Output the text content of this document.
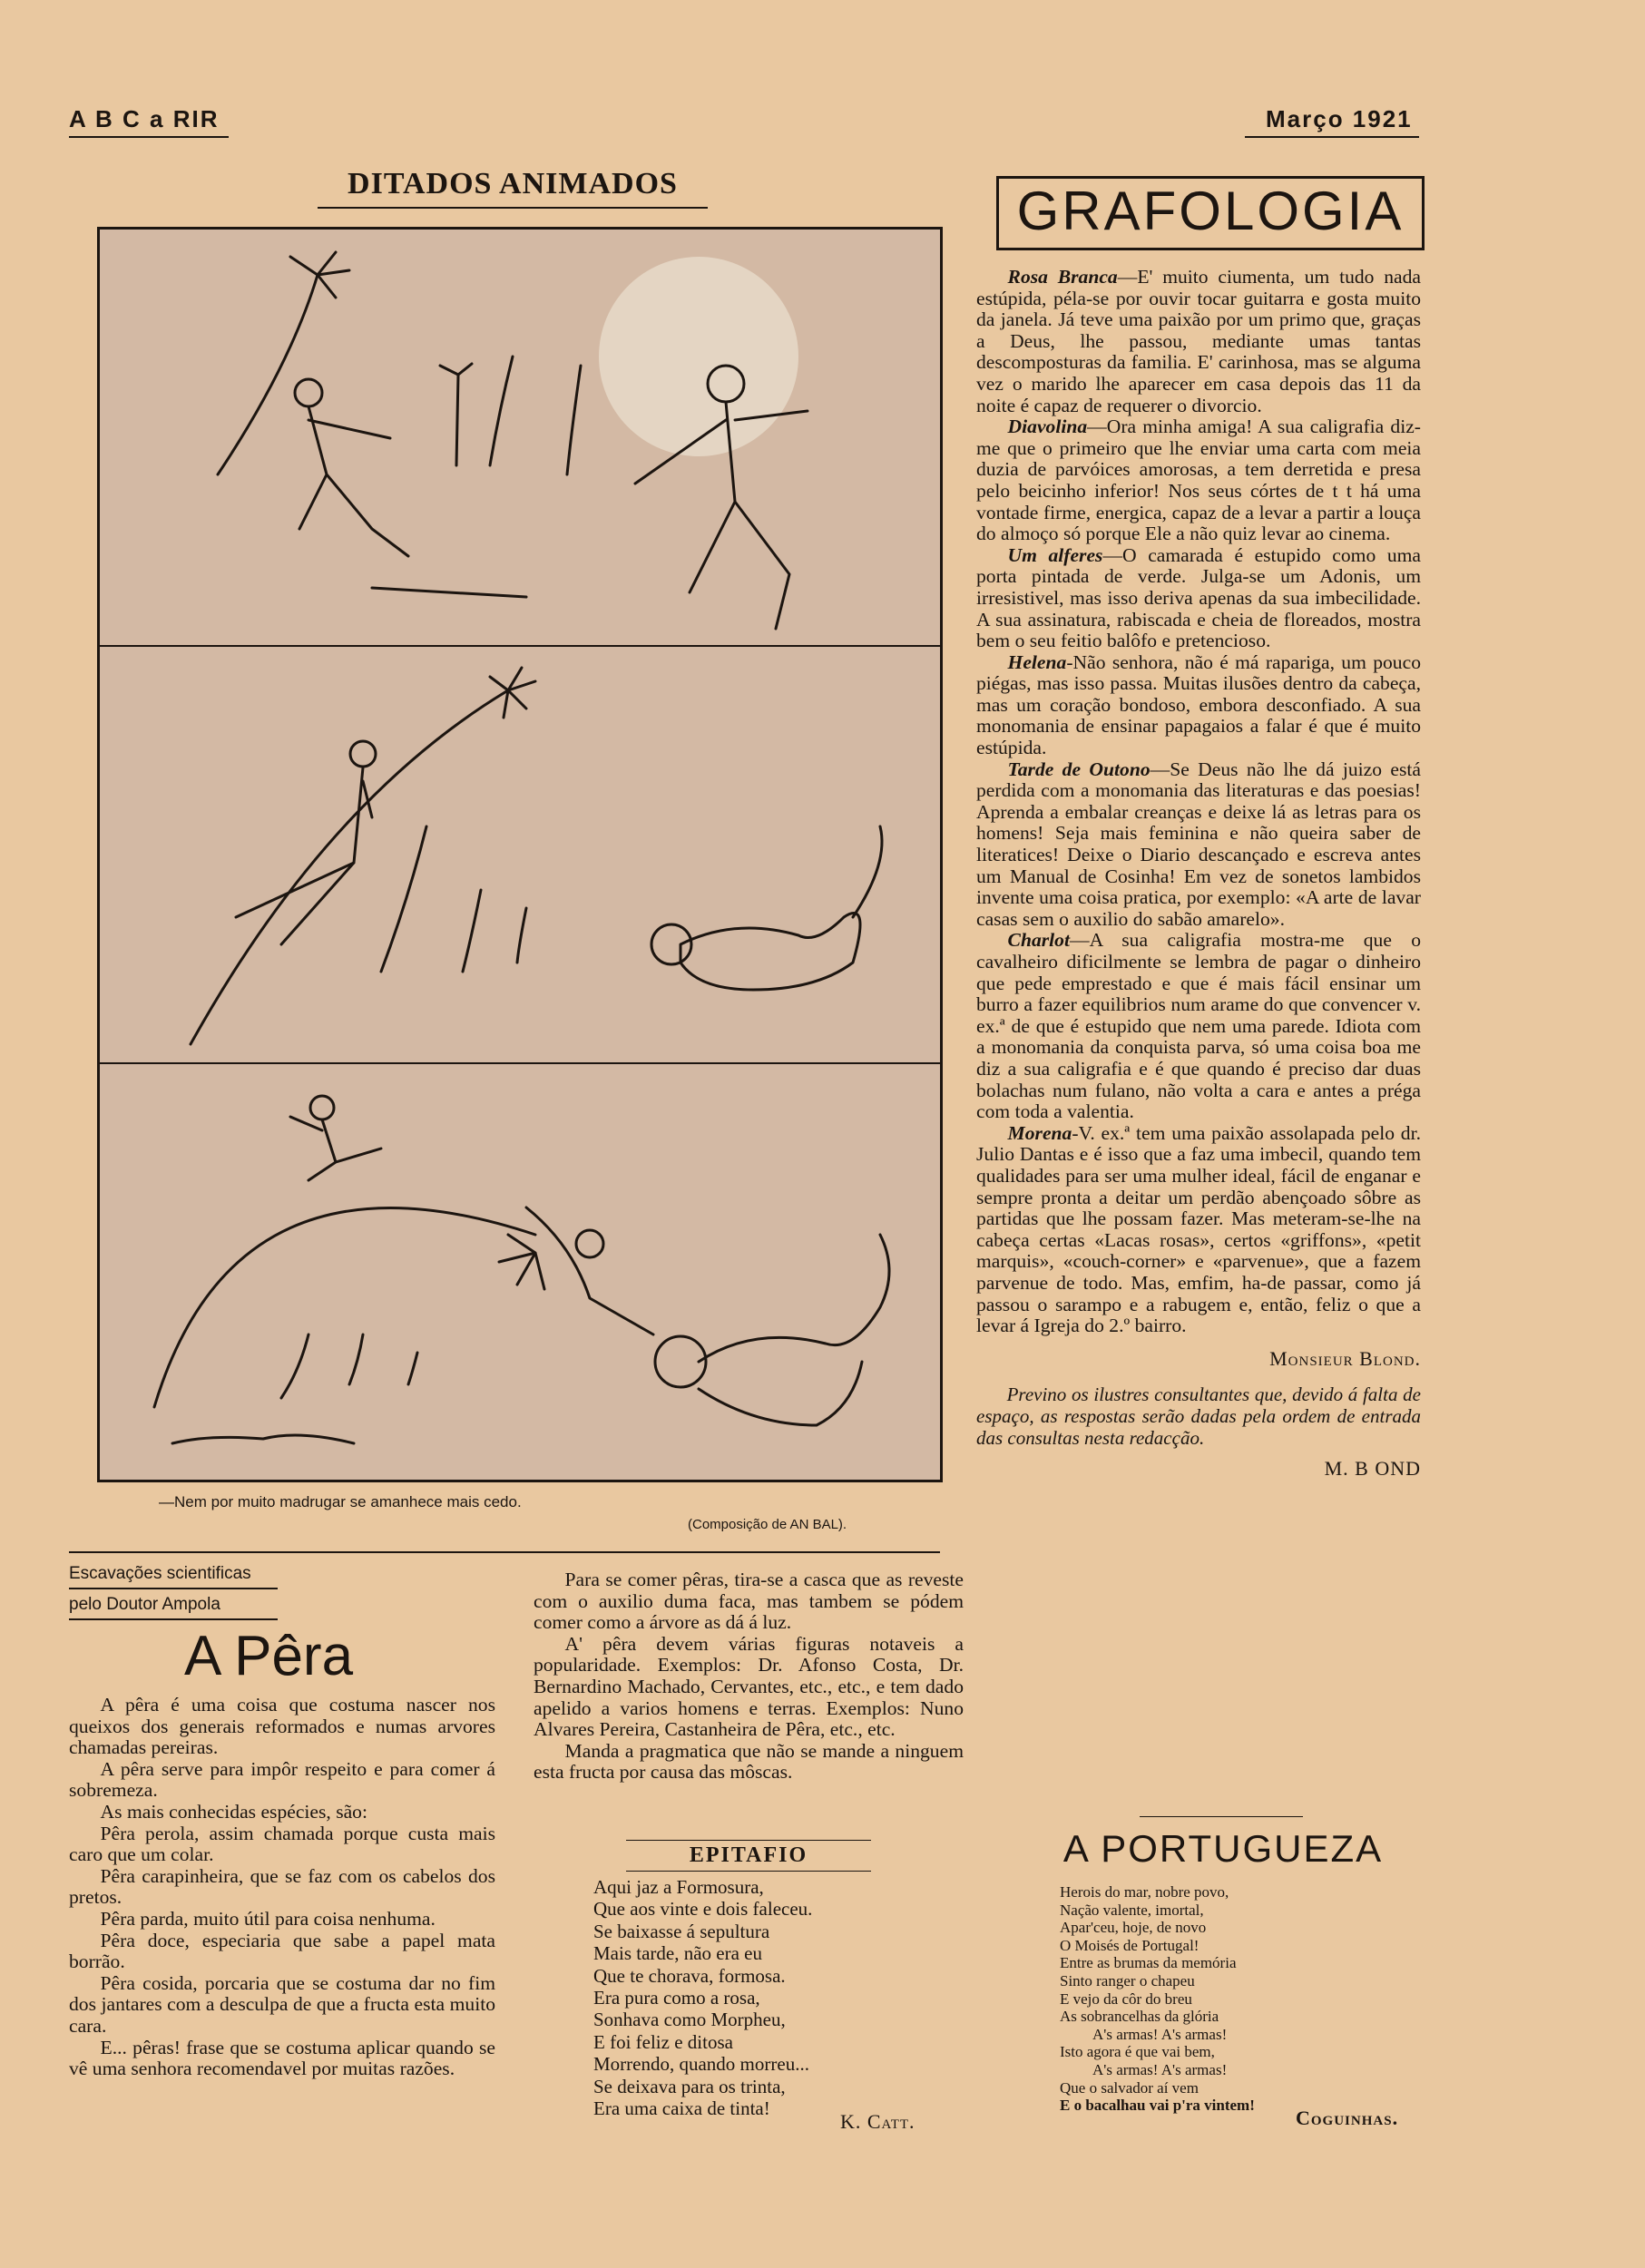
A B C a RIR	Março 1921
DITADOS ANIMADOS
—Nem por muito madrugar se amanhece mais cedo.
(Composição de AN BAL).
GRAFOLOGIA

Rosa Branca—E' muito ciumenta, um tudo nada estúpida, péla-se por ouvir tocar guitarra e gosta muito da janela. Já teve uma paixão por um primo que, graças a Deus, lhe passou, mediante umas tantas descomposturas da familia. E' carinhosa, mas se alguma vez o marido lhe aparecer em casa depois das 11 da noite é capaz de requerer o divorcio.

Diavolina—Ora minha amiga! A sua caligrafia diz-me que o primeiro que lhe enviar uma carta com meia duzia de parvóices amorosas, a tem derretida e presa pelo beicinho inferior! Nos seus córtes de t t há uma vontade firme, energica, capaz de a levar a partir a louça do almoço só porque Ele a não quiz levar ao cinema.

Um alferes—O camarada é estupido como uma porta pintada de verde. Julga-se um Adonis, um irresistivel, mas isso deriva apenas da sua imbecilidade. A sua assinatura, rabiscada e cheia de floreados, mostra bem o seu feitio balôfo e pretencioso.

Helena-Não senhora, não é má rapariga, um pouco piégas, mas isso passa. Muitas ilusões dentro da cabeça, mas um coração bondoso, embora desconfiado. A sua monomania de ensinar papagaios a falar é que é muito estúpida.

Tarde de Outono—Se Deus não lhe dá juizo está perdida com a monomania das literaturas e das poesias! Aprenda a embalar creanças e deixe lá as letras para os homens! Seja mais feminina e não queira saber de literatices! Deixe o Diario descançado e escreva antes um Manual de Cosinha! Em vez de sonetos lambidos invente uma coisa pratica, por exemplo: «A arte de lavar casas sem o auxilio do sabão amarelo».

Charlot—A sua caligrafia mostra-me que o cavalheiro dificilmente se lembra de pagar o dinheiro que pede emprestado e que é mais fácil ensinar um burro a fazer equilibrios num arame do que convencer v. ex.ª de que é estupido que nem uma parede. Idiota com a monomania da conquista parva, só uma coisa boa me diz a sua caligrafia e é que quando é preciso dar duas bolachas num fulano, não volta a cara e antes a préga com toda a valentia.

Morena-V. ex.ª tem uma paixão assolapada pelo dr. Julio Dantas e é isso que a faz uma imbecil, quando tem qualidades para ser uma mulher ideal, fácil de enganar e sempre pronta a deitar um perdão abençoado sôbre as partidas que lhe possam fazer. Mas meteram-se-lhe na cabeça certas «Lacas rosas», certos «griffons», «petit marquis», «couch-corner» e «parvenue», que a fazem parvenue de todo. Mas, emfim, ha-de passar, como já passou o sarampo e a rabugem e, então, feliz o que a levar á Igreja do 2.º bairro.

Monsieur Blond.
Previno os ilustres consultantes que, devido á falta de espaço, as respostas serão dadas pela ordem de entrada das consultas nesta redacção.
M. B OND
Escavações scientificas
pelo Doutor Ampola
A Pêra

A pêra é uma coisa que costuma nascer nos queixos dos generais reformados e numas arvores chamadas pereiras.

A pêra serve para impôr respeito e para comer á sobremeza.

As mais conhecidas espécies, são:

Pêra perola, assim chamada porque custa mais caro que um colar.

Pêra carapinheira, que se faz com os cabelos dos pretos.

Pêra parda, muito útil para coisa nenhuma.

Pêra doce, especiaria que sabe a papel mata borrão.

Pêra cosida, porcaria que se costuma dar no fim dos jantares com a desculpa de que a fructa esta muito cara.

E... pêras! frase que se costuma aplicar quando se vê uma senhora recomendavel por muitas razões.

Para se comer pêras, tira-se a casca que as reveste com o auxilio duma faca, mas tambem se pódem comer como a árvore as dá á luz.

A' pêra devem várias figuras notaveis a popularidade. Exemplos: Dr. Afonso Costa, Dr. Bernardino Machado, Cervantes, etc., etc., e tem dado apelido a varios homens e terras. Exemplos: Nuno Alvares Pereira, Castanheira de Pêra, etc., etc.

Manda a pragmatica que não se mande a ninguem esta fructa por causa das môscas.

EPITAFIO
Aqui jaz a Formosura,
Que aos vinte e dois faleceu.
Se baixasse á sepultura
Mais tarde, não era eu
Que te chorava, formosa.
Era pura como a rosa,
Sonhava como Morpheu,
E foi feliz e ditosa
Morrendo, quando morreu...
Se deixava para os trinta,
Era uma caixa de tinta!
K. Catt.
A PORTUGUEZA
Herois do mar, nobre povo,
Nação valente, imortal,
Apar'ceu, hoje, de novo
O Moisés de Portugal!
Entre as brumas da memória
Sinto ranger o chapeu
E vejo da côr do breu
As sobrancelhas da glória
A's armas! A's armas!
Isto agora é que vai bem,
A's armas! A's armas!
Que o salvador aí vem
E o bacalhau vai p'ra vintem!
Coguinhas.
